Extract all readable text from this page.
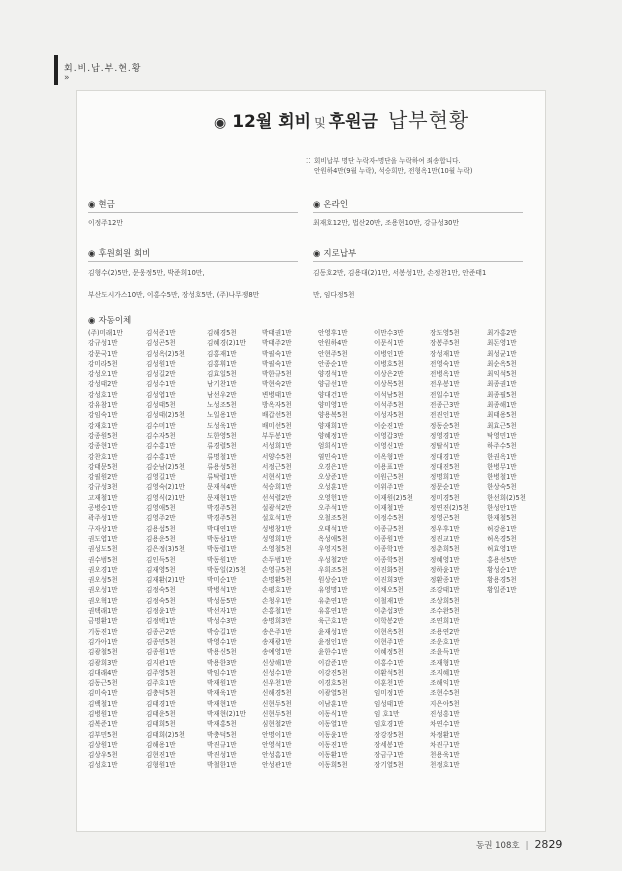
회.비.납.부.현.황
»
◉ 12월 회비 및 후원금 납부현황
⁚⁚ 회비납부 명단 누락자-명단을 누락하여 죄송합니다.
안원하4만(9월 누락), 석승희만, 전형옥1만(10월 누락)
◉ 현금
이정주12만
◉ 온라인
최재호12만, 법산20만, 조용현10만, 강규성30만
◉ 후원회원 회비
김형수(2)5만, 문웅정5만, 박준희10만,
부산도시가스10만, 이홍수5만, 장성호5만, (주)나무쟁8만
◉ 지로납부
김동호2만, 김용대(2)1만, 서봉성1만, 손정찬1만, 안준태1
만, 임다정5천
◉ 자동이체
(주)미래1만
강규성1만
강문국1만
강미라5천
강성오1만
강성태2만
강성호1만
강유참1만
강임숙1만
강재호1만
강종원5천
강종현1만
강찬호1만
강태문5천
강필원2만
강규성3천
고재철1만
공병승1만
곽주성1만
구자상1만
권도엽1만
권성도5천
권수범5천
권오경1만
권오성5천
권오성1만
권오혁1만
권택래1만
금명환1만
기동진1만
김가아1만
김광철5천
김광희3만
김대래4만
김동근5천
김미숙1만
김백철1만
김병원1만
김복준1만
김부민5천
김상원1만
김상우5천
김성호1만
김석준1만
김성곤5천
김성옥(2)5천
김성원1만
김성길2만
김성수1만
김성엽1만
김성태5천
김성태(2)5천
김수미1만
김수자5천
김수홍1만
김수홍1만
김순남(2)5천
김영길1만
김영숙(2)1만
김영식(2)1만
김영애5천
김영주2만
김용섭5천
김용운5천
김은정(3)5천
김인득5천
김재영5천
김재환(2)1만
김정숙5천
김정숙5천
김정윤1만
김정택1만
김종곤2만
김종민5천
김종원1만
김지관1만
김주영5천
김주호1만
김충덕5천
김태경1만
김태운5천
김태희5천
김태희(2)5천
김해용1만
김현진1만
김형원1만
김해경5천
김혜경(2)1만
김홍재1만
김홍휘1만
김효일5천
남기찬1만
남선우2만
노성조5천
노일용1만
도성욱1만
도한영5천
류경렬5천
류명철1만
류용성5천
류탁렬1만
문재석4만
문재현1만
박경주5천
박경주5천
박대연1만
박동삼1만
박동렬1만
박동원1만
박동일(2)5천
박미순1만
박병석1만
박성동5만
박선자1만
박성수3만
박승길1만
박영수1만
박용신5천
박용한3만
박임수1만
박재원1만
박재욱1만
박재현1만
박재현(2)1만
박재홍5천
박충덕5천
박진규1만
박진성1만
박철한1만
박태권1만
박태주2만
박필숙1만
박필숙1만
박한규5천
박현숙2만
변병태1만
방옥자5천
배갑선5천
배미선5천
부두봉1만
서성희1만
서양수5천
서정근5천
서현식1만
석승희1만
선석렬2만
설광석2만
설호석1만
성병창1만
성영희1만
소영철5천
손두범1만
손영규5천
손명환5천
손평호1만
손청우1만
손홍철1만
송명희3만
송은주1만
송재광1만
송예영1만
신상해1만
신성수1만
신우천1만
신해경5천
신현두5천
신현두5천
심현철2만
안명이1만
안영석1만
안성흠1만
안성관1만
안영후1만
안원하4만
안현주5천
안종순1만
양경석1만
양금선1만
양대건1만
양미영1만
양용복5천
양재희1만
양혜정1만
엄희식1만
염민숙1만
오경은1만
오상준1만
오성훈1만
오영헌1만
오주석1만
오철조5천
오태석1만
옥성애5천
우영지5천
우성철2만
우희조5천
원상순1만
유영명1만
유춘연1만
유홍연1만
육근호1만
윤재성1만
윤정인1만
윤한수1만
이감준1만
이강진5천
이경호5천
이광열5천
이남훈1만
이동식1만
이동열1만
이동윤1만
이동진1만
이동환1만
이동희5천
이만수3만
이문식1만
이병인1만
이병호5천
이상은2만
이상목5천
이석남5천
이석주5천
이성자5천
이순진1만
이영갑3만
이영신1만
이옥형1만
이용표1만
이원근5천
이위주1만
이재원(2)5천
이재철1만
이정수5천
이종규5천
이종원1만
이종학1만
이종학5천
이진화5천
이진희3만
이채오5천
이철재1만
이춘섭3만
이학봉2만
이현옥5천
이현주1만
이혜정5천
이홍수1만
이환석5천
이훈천1만
임미정1만
임성태1만
임 호1만
임호경1만
장강장5천
장세봉1만
장금구1만
장기열5천
장도영5천
장봉주5천
장성재1만
전영숙1만
전병옥1만
전우봉1만
전일수1만
전종근3만
전진인1만
정동순5천
정영경1만
정탈식1만
정대경1만
정대진5천
정명희1만
정문순1만
정미경5천
정연진(2)5천
정영곤5천
정우후1만
정진교1만
정춘희5천
정혜영1만
정하윤1만
정환종1만
조강태1만
조상희5천
조수완5천
조연희1만
조용연2만
조운호1만
조윤득1만
조재형1만
조지혜1만
조해익1만
조현수5천
지은아5천
진성흥1만
차연수1만
차정환1만
차진구1만
천용욱1만
천정호1만
최가홍2만
최돈영1만
최성균1만
최순옥5천
최익석5천
최종권1만
최종필5천
최종해1만
최태용5천
최효근5천
탁영민1만
하주수5천
한권옥1만
한병무1만
한병철1만
한상숙5천
한선희(2)5천
한성안1만
한재철5천
허강용1만
허옥경5천
허효영1만
홍용선5만
황성순1만
황용경5천
황일준1만
동권 108호 | 2829
